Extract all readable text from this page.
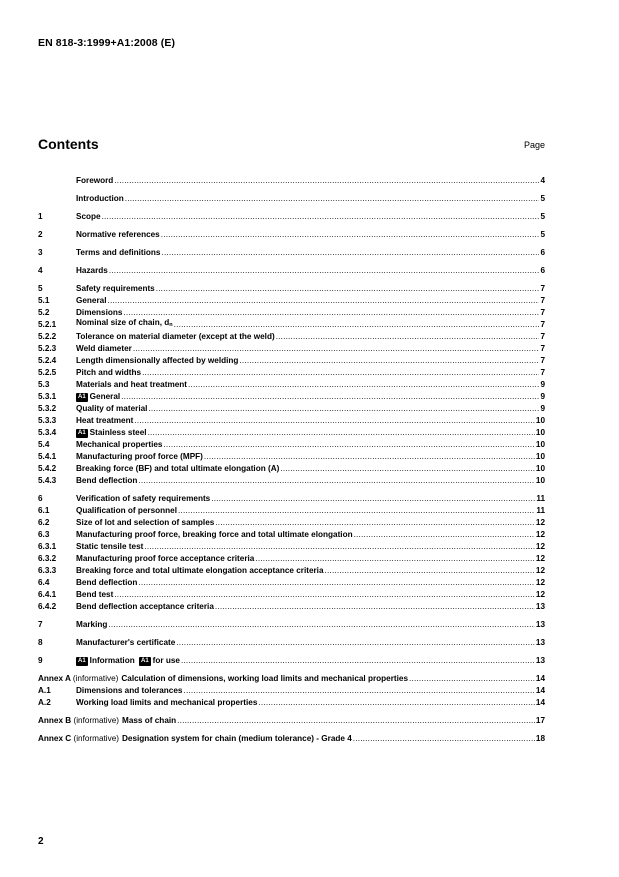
EN 818-3:1999+A1:2008 (E)
Contents	Page
Foreword .....	4
Introduction .....	5
1	Scope .....	5
2	Normative references .....	5
3	Terms and definitions .....	6
4	Hazards .....	6
5	Safety requirements .....	7
5.1	General .....	7
5.2	Dimensions .....	7
5.2.1	Nominal size of chain, $d_n$ .....	7
5.2.2	Tolerance on material diameter (except at the weld) .....	7
5.2.3	Weld diameter .....	7
5.2.4	Length dimensionally affected by welding .....	7
5.2.5	Pitch and widths .....	7
5.3	Materials and heat treatment .....	9
5.3.1	A1 General .....	9
5.3.2	Quality of material .....	9
5.3.3	Heat treatment .....	10
5.3.4	A1 Stainless steel .....	10
5.4	Mechanical properties .....	10
5.4.1	Manufacturing proof force (MPF) .....	10
5.4.2	Breaking force (BF) and total ultimate elongation (A) .....	10
5.4.3	Bend deflection .....	10
6	Verification of safety requirements .....	11
6.1	Qualification of personnel .....	11
6.2	Size of lot and selection of samples .....	12
6.3	Manufacturing proof force, breaking force and total ultimate elongation .....	12
6.3.1	Static tensile test .....	12
6.3.2	Manufacturing proof force acceptance criteria .....	12
6.3.3	Breaking force and total ultimate elongation acceptance criteria .....	12
6.4	Bend deflection .....	12
6.4.1	Bend test .....	12
6.4.2	Bend deflection acceptance criteria .....	13
7	Marking .....	13
8	Manufacturer's certificate .....	13
9	A1 Information A1 for use .....	13
Annex A (informative) Calculation of dimensions, working load limits and mechanical properties .....	14
A.1	Dimensions and tolerances .....	14
A.2	Working load limits and mechanical properties .....	14
Annex B (informative) Mass of chain .....	17
Annex C (informative) Designation system for chain (medium tolerance) - Grade 4 .....	18
2
